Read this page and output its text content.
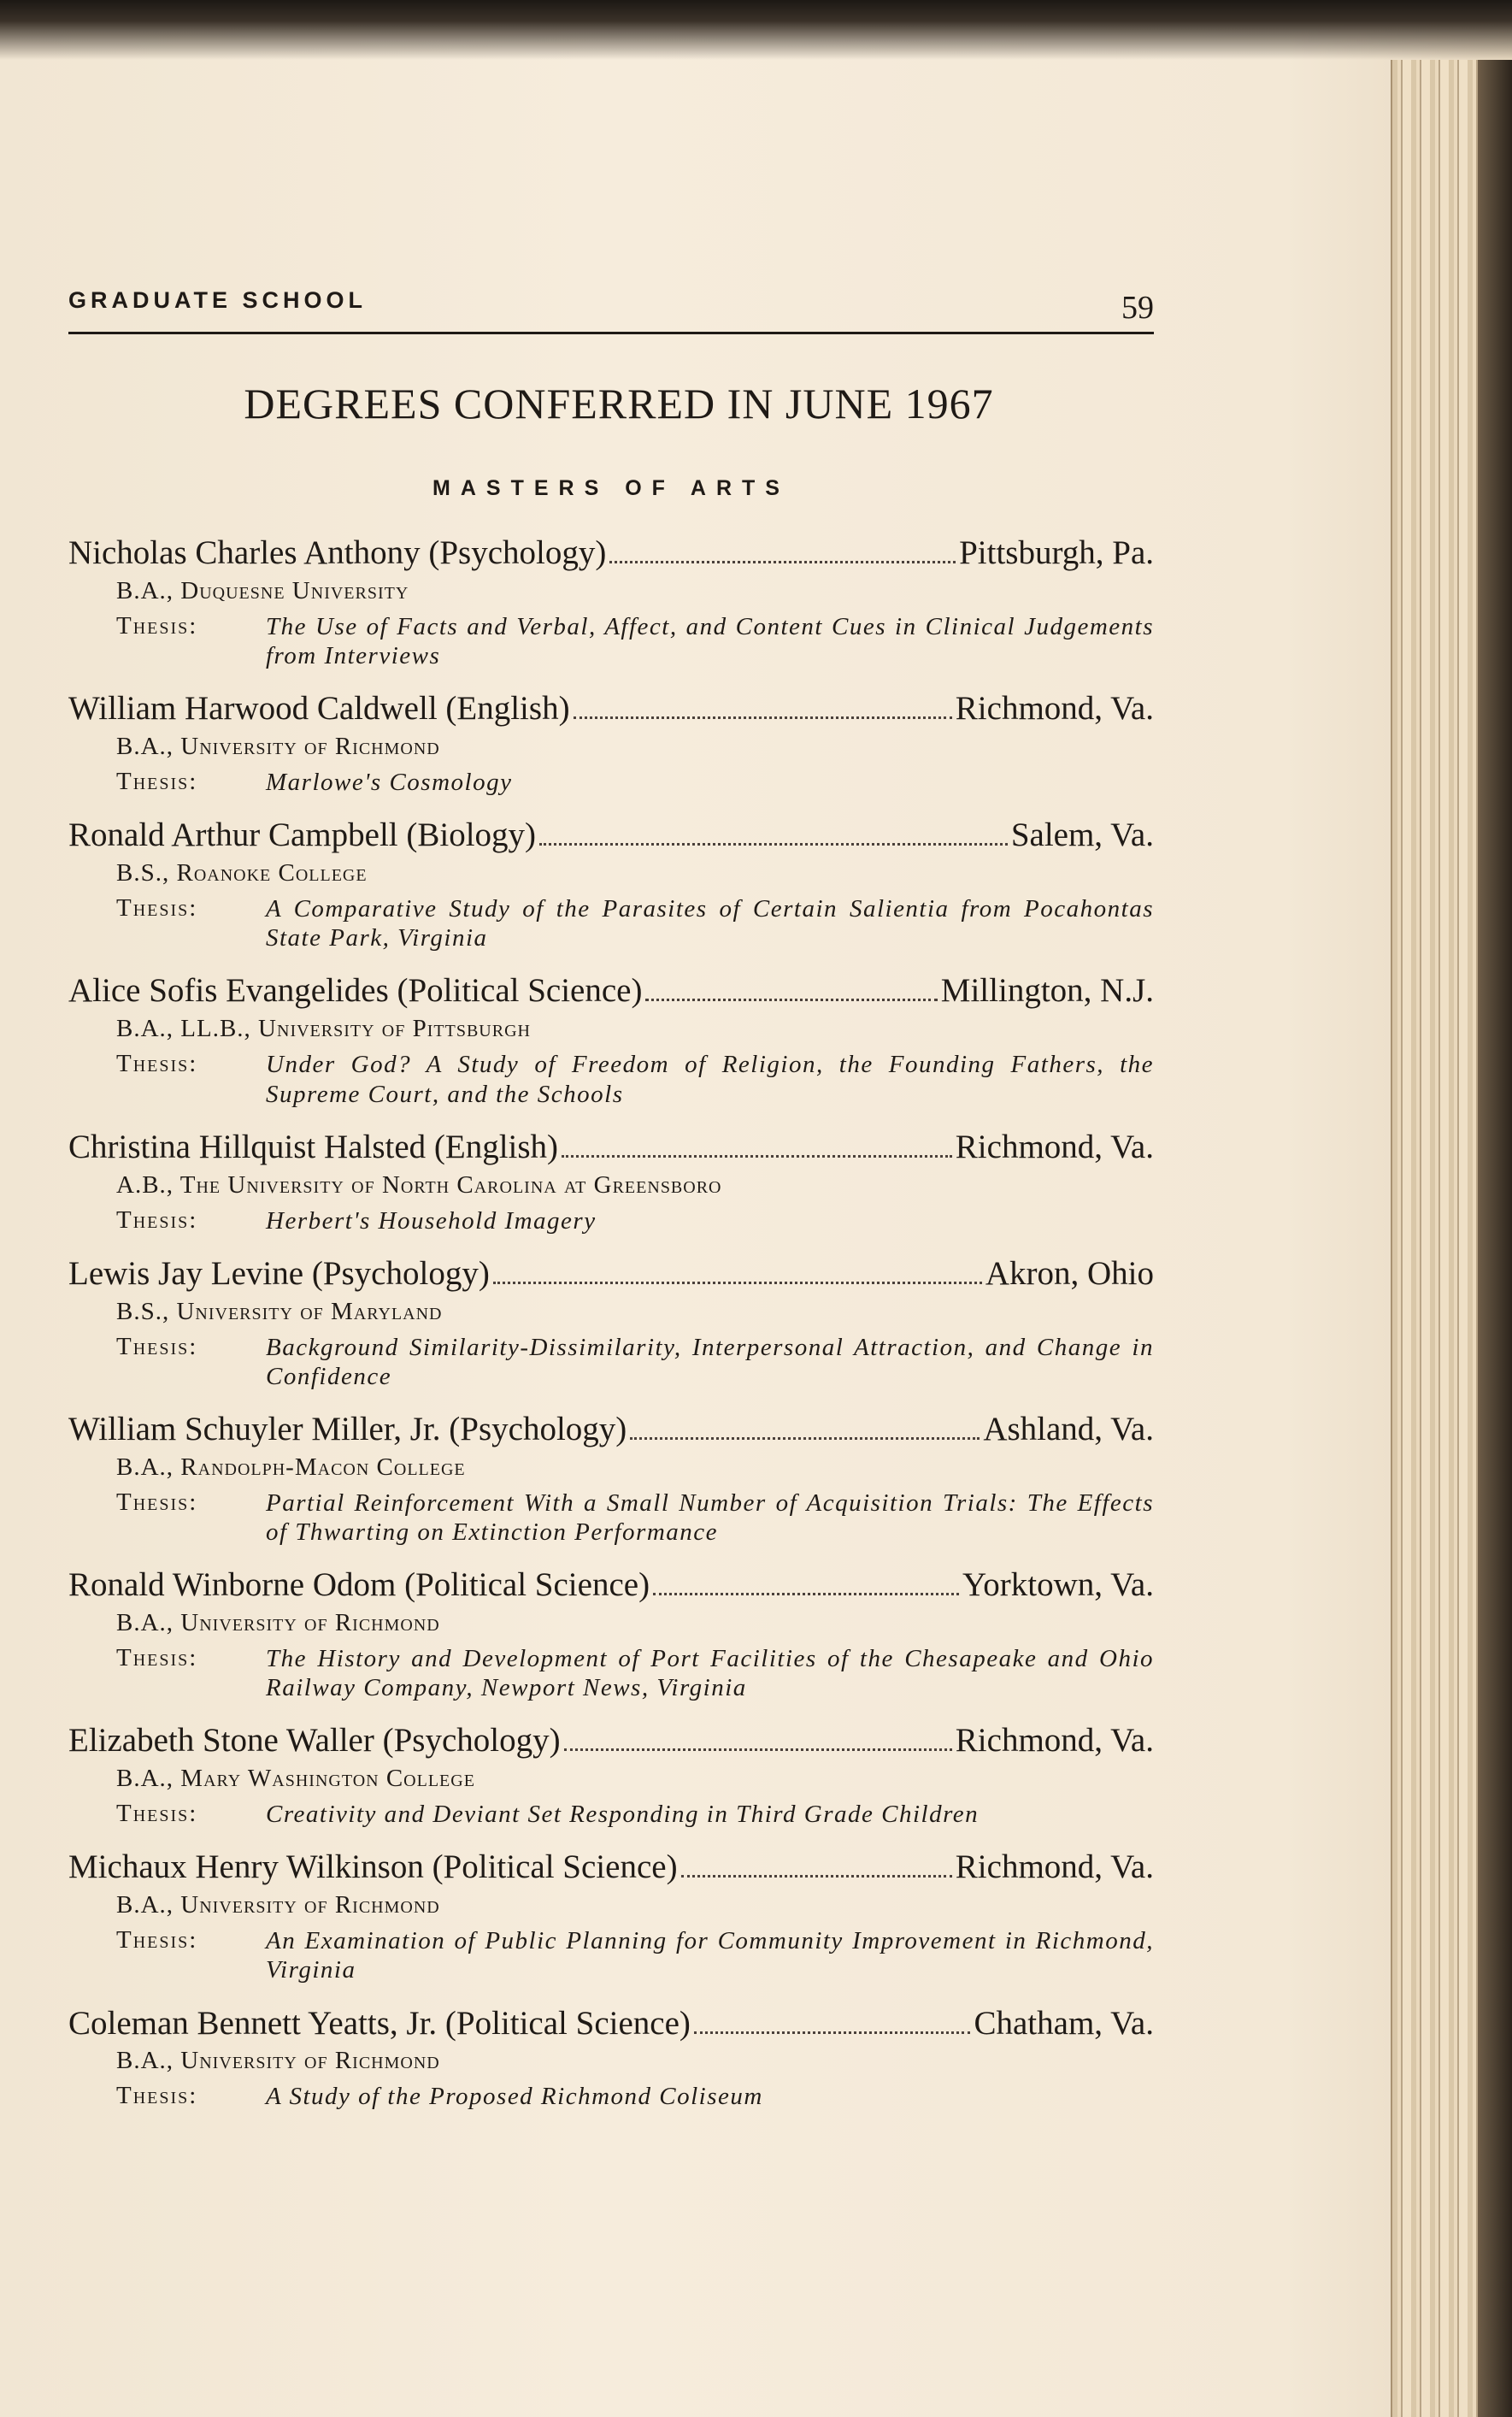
GRADUATE SCHOOL	59
DEGREES CONFERRED IN JUNE 1967
MASTERS OF ARTS
Nicholas Charles Anthony (Psychology)	Pittsburgh, Pa.
B.A., Duquesne University
Thesis:	The Use of Facts and Verbal, Affect, and Content Cues in Clinical Judgements from Interviews
William Harwood Caldwell (English)	Richmond, Va.
B.A., University of Richmond
Thesis:	Marlowe's Cosmology
Ronald Arthur Campbell (Biology)	Salem, Va.
B.S., Roanoke College
Thesis:	A Comparative Study of the Parasites of Certain Salientia from Pocahontas State Park, Virginia
Alice Sofis Evangelides (Political Science)	Millington, N.J.
B.A., LL.B., University of Pittsburgh
Thesis:	Under God? A Study of Freedom of Religion, the Founding Fathers, the Supreme Court, and the Schools
Christina Hillquist Halsted (English)	Richmond, Va.
A.B., The University of North Carolina at Greensboro
Thesis:	Herbert's Household Imagery
Lewis Jay Levine (Psychology)	Akron, Ohio
B.S., University of Maryland
Thesis:	Background Similarity-Dissimilarity, Interpersonal Attraction, and Change in Confidence
William Schuyler Miller, Jr. (Psychology)	Ashland, Va.
B.A., Randolph-Macon College
Thesis:	Partial Reinforcement With a Small Number of Acquisition Trials: The Effects of Thwarting on Extinction Performance
Ronald Winborne Odom (Political Science)	Yorktown, Va.
B.A., University of Richmond
Thesis:	The History and Development of Port Facilities of the Chesapeake and Ohio Railway Company, Newport News, Virginia
Elizabeth Stone Waller (Psychology)	Richmond, Va.
B.A., Mary Washington College
Thesis:	Creativity and Deviant Set Responding in Third Grade Children
Michaux Henry Wilkinson (Political Science)	Richmond, Va.
B.A., University of Richmond
Thesis:	An Examination of Public Planning for Community Improvement in Richmond, Virginia
Coleman Bennett Yeatts, Jr. (Political Science)	Chatham, Va.
B.A., University of Richmond
Thesis:	A Study of the Proposed Richmond Coliseum
